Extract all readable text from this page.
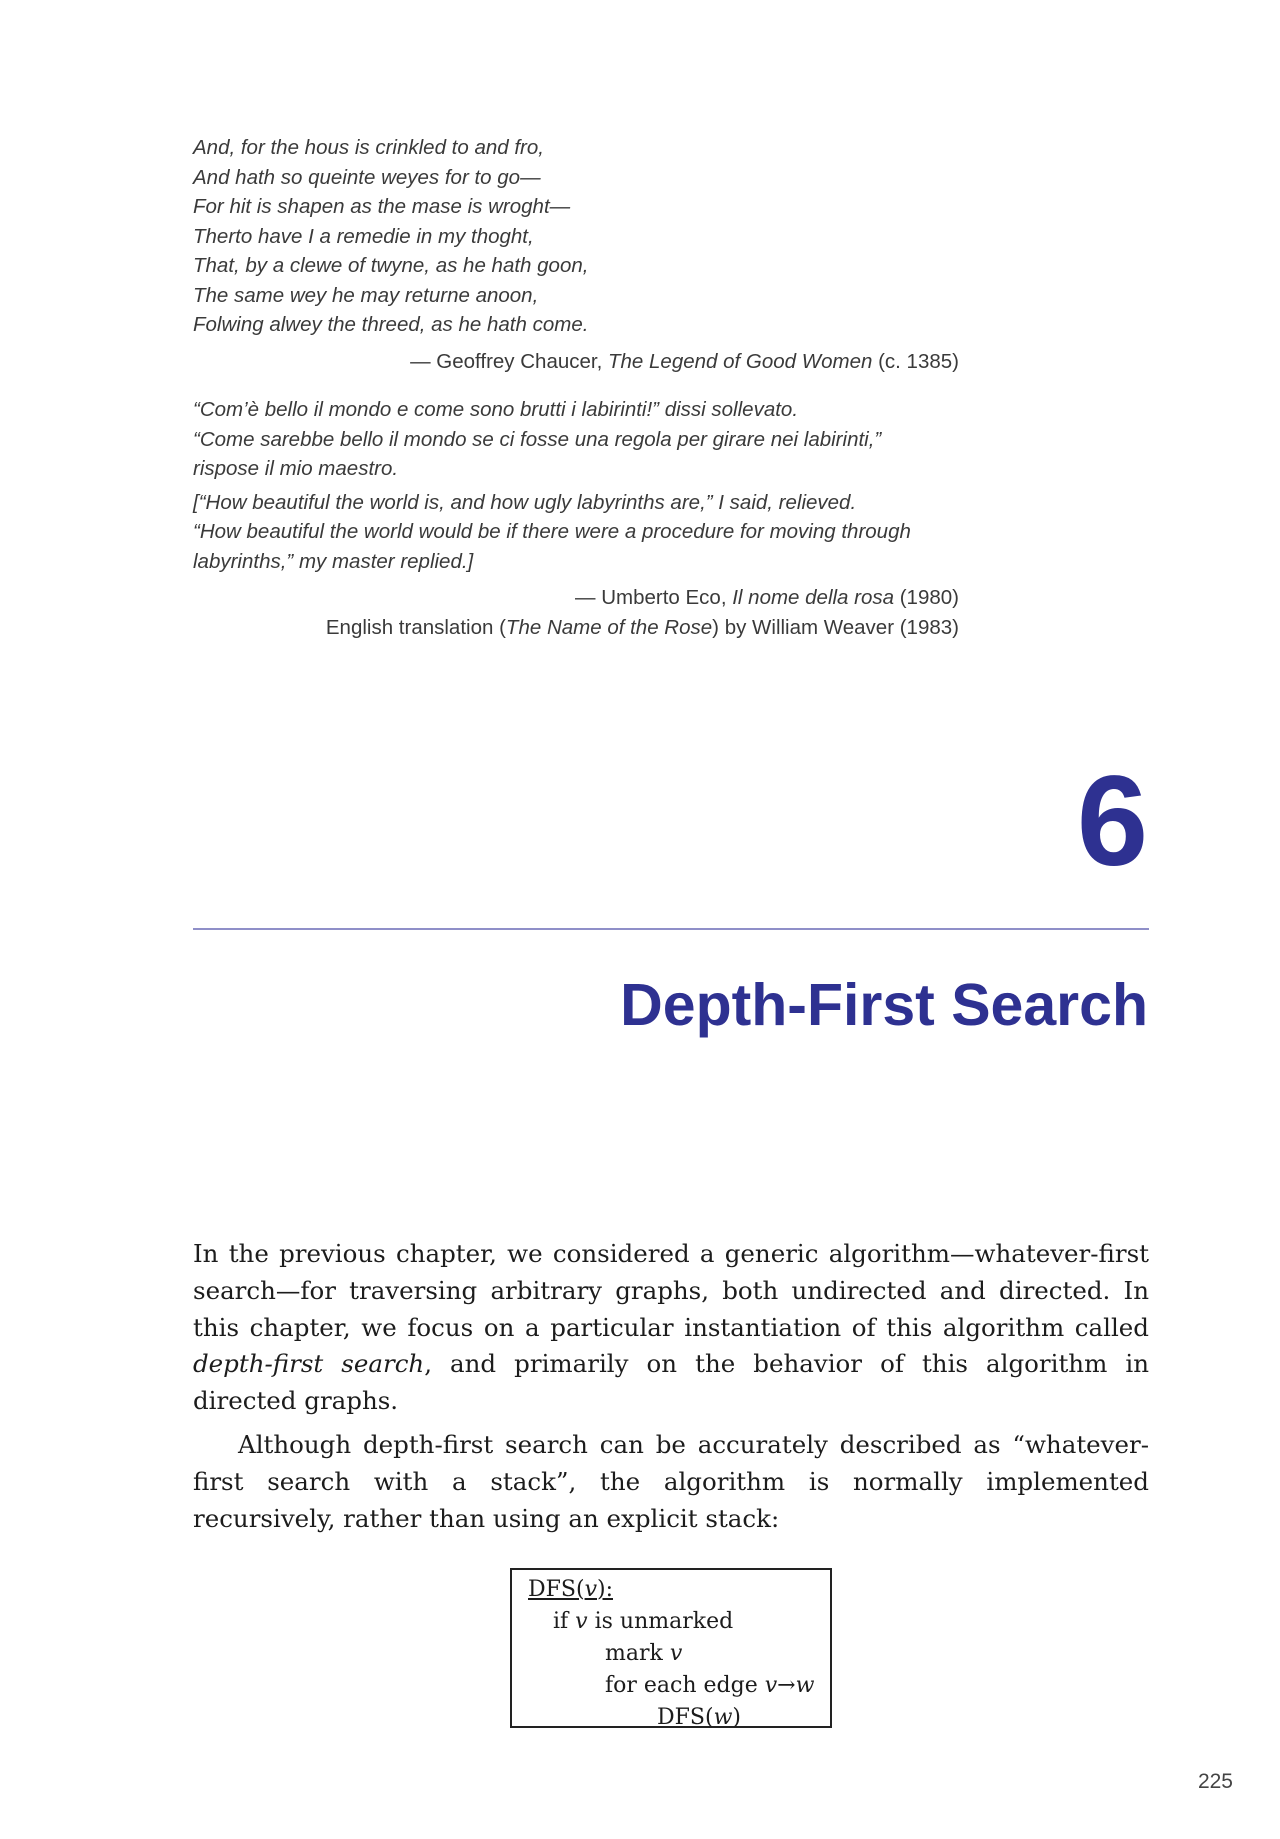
And, for the hous is crinkled to and fro,
And hath so queinte weyes for to go—
For hit is shapen as the mase is wroght—
Therto have I a remedie in my thoght,
That, by a clewe of twyne, as he hath goon,
The same wey he may returne anoon,
Folwing alwey the threed, as he hath come.
— Geoffrey Chaucer, The Legend of Good Women (c. 1385)
“Com’è bello il mondo e come sono brutti i labirinti!” dissi sollevato.
“Come sarebbe bello il mondo se ci fosse una regola per girare nei labirinti,”
rispose il mio maestro.
[“How beautiful the world is, and how ugly labyrinths are,” I said, relieved.
“How beautiful the world would be if there were a procedure for moving through
labyrinths,” my master replied.]
— Umberto Eco, Il nome della rosa (1980)
English translation (The Name of the Rose) by William Weaver (1983)
6
Depth-First Search

In the previous chapter, we considered a generic algorithm—whatever-first search—for traversing arbitrary graphs, both undirected and directed. In this chapter, we focus on a particular instantiation of this algorithm called depth-first search, and primarily on the behavior of this algorithm in directed graphs.

Although depth-first search can be accurately described as “whatever-first search with a stack”, the algorithm is normally implemented recursively, rather than using an explicit stack:

DFS(v):
if v is unmarked
mark v
for each edge v→w
DFS(w)
225
